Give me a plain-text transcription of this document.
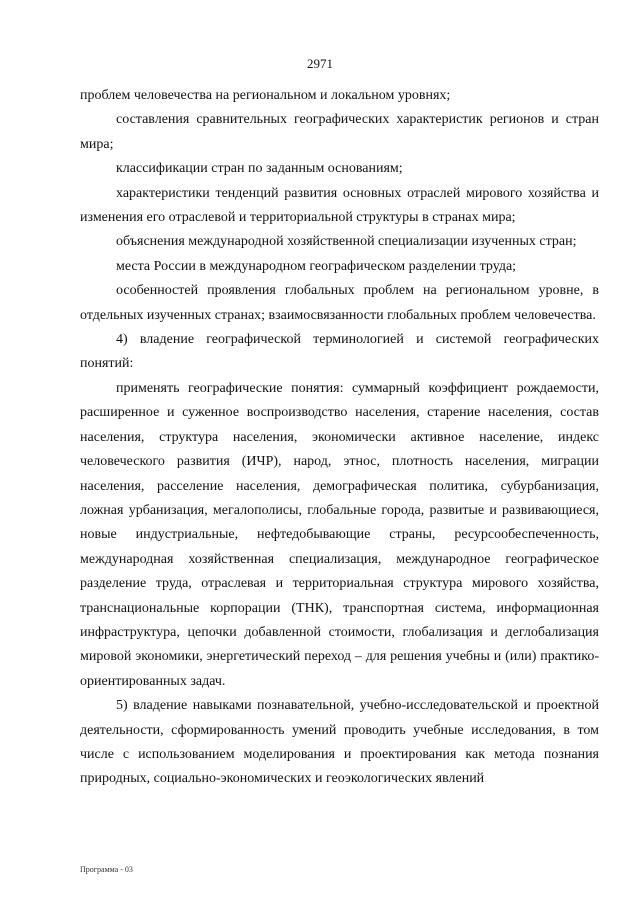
2971

проблем человечества на региональном и локальном уровнях;

составления сравнительных географических характеристик регионов и стран мира;

классификации стран по заданным основаниям;

характеристики тенденций развития основных отраслей мирового хозяйства и изменения его отраслевой и территориальной структуры в странах мира;

объяснения международной хозяйственной специализации изученных стран;

места России в международном географическом разделении труда;

особенностей проявления глобальных проблем на региональном уровне, в отдельных изученных странах; взаимосвязанности глобальных проблем человечества.

4) владение географической терминологией и системой географических понятий:

применять географические понятия: суммарный коэффициент рождаемости, расширенное и суженное воспроизводство населения, старение населения, состав населения, структура населения, экономически активное население, индекс человеческого развития (ИЧР), народ, этнос, плотность населения, миграции населения, расселение населения, демографическая политика, субурбанизация, ложная урбанизация, мегалополисы, глобальные города, развитые и развивающиеся, новые индустриальные, нефтедобывающие страны, ресурсообеспеченность, международная хозяйственная специализация, международное географическое разделение труда, отраслевая и территориальная структура мирового хозяйства, транснациональные корпорации (ТНК), транспортная система, информационная инфраструктура, цепочки добавленной стоимости, глобализация и деглобализация мировой экономики, энергетический переход – для решения учебны и (или) практико-ориентированных задач.

5) владение навыками познавательной, учебно-исследовательской и проектной деятельности, сформированность умений проводить учебные исследования, в том числе с использованием моделирования и проектирования как метода познания природных, социально-экономических и геоэкологических явлений

Программа - 03
